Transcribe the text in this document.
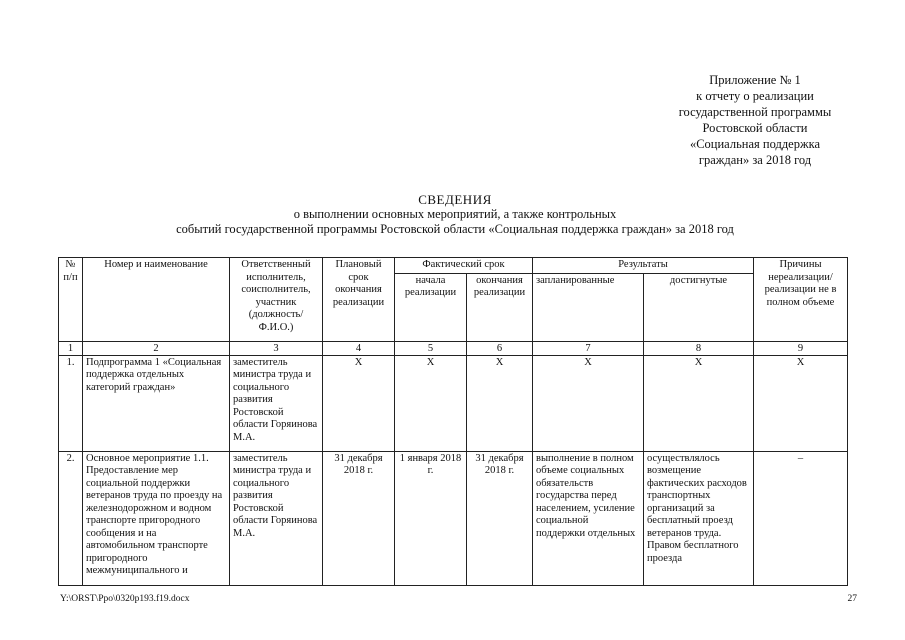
Приложение № 1
к отчету о реализации
государственной программы
Ростовской области
«Социальная поддержка
граждан» за 2018 год
СВЕДЕНИЯ
о выполнении основных мероприятий, а также контрольных
событий государственной программы Ростовской области «Социальная поддержка граждан» за 2018 год
№ п/п	Номер и наименование	Ответственный исполнитель, соисполнитель, участник (должность/ Ф.И.О.)	Плановый срок окончания реализации	Фактический срок		Результаты		Причины нереализации/ реализации не в полном объеме
				начала реализации	окончания реализации	запланированные	достигнутые	
1	2	3	4	5	6	7	8	9
1.	Подпрограмма 1 «Социальная поддержка отдельных категорий граждан»	заместитель министра труда и социального развития Ростовской области Горяинова М.А.	Х	Х	Х	Х	Х	Х
2.	Основное мероприятие 1.1. Предоставление мер социальной поддержки ветеранов труда по проезду на железнодорожном и водном транспорте пригородного сообщения и на автомобильном транспорте пригородного межмуниципального и	заместитель министра труда и социального развития Ростовской области Горяинова М.А.	31 декабря 2018 г.	1 января 2018 г.	31 декабря 2018 г.	выполнение в полном объеме социальных обязательств государства перед населением, усиление социальной поддержки отдельных	осуществлялось возмещение фактических расходов транспортных организаций за бесплатный проезд ветеранов труда. Правом бесплатного проезда	–
Y:\ORST\Ppo\0320p193.f19.docx	27
